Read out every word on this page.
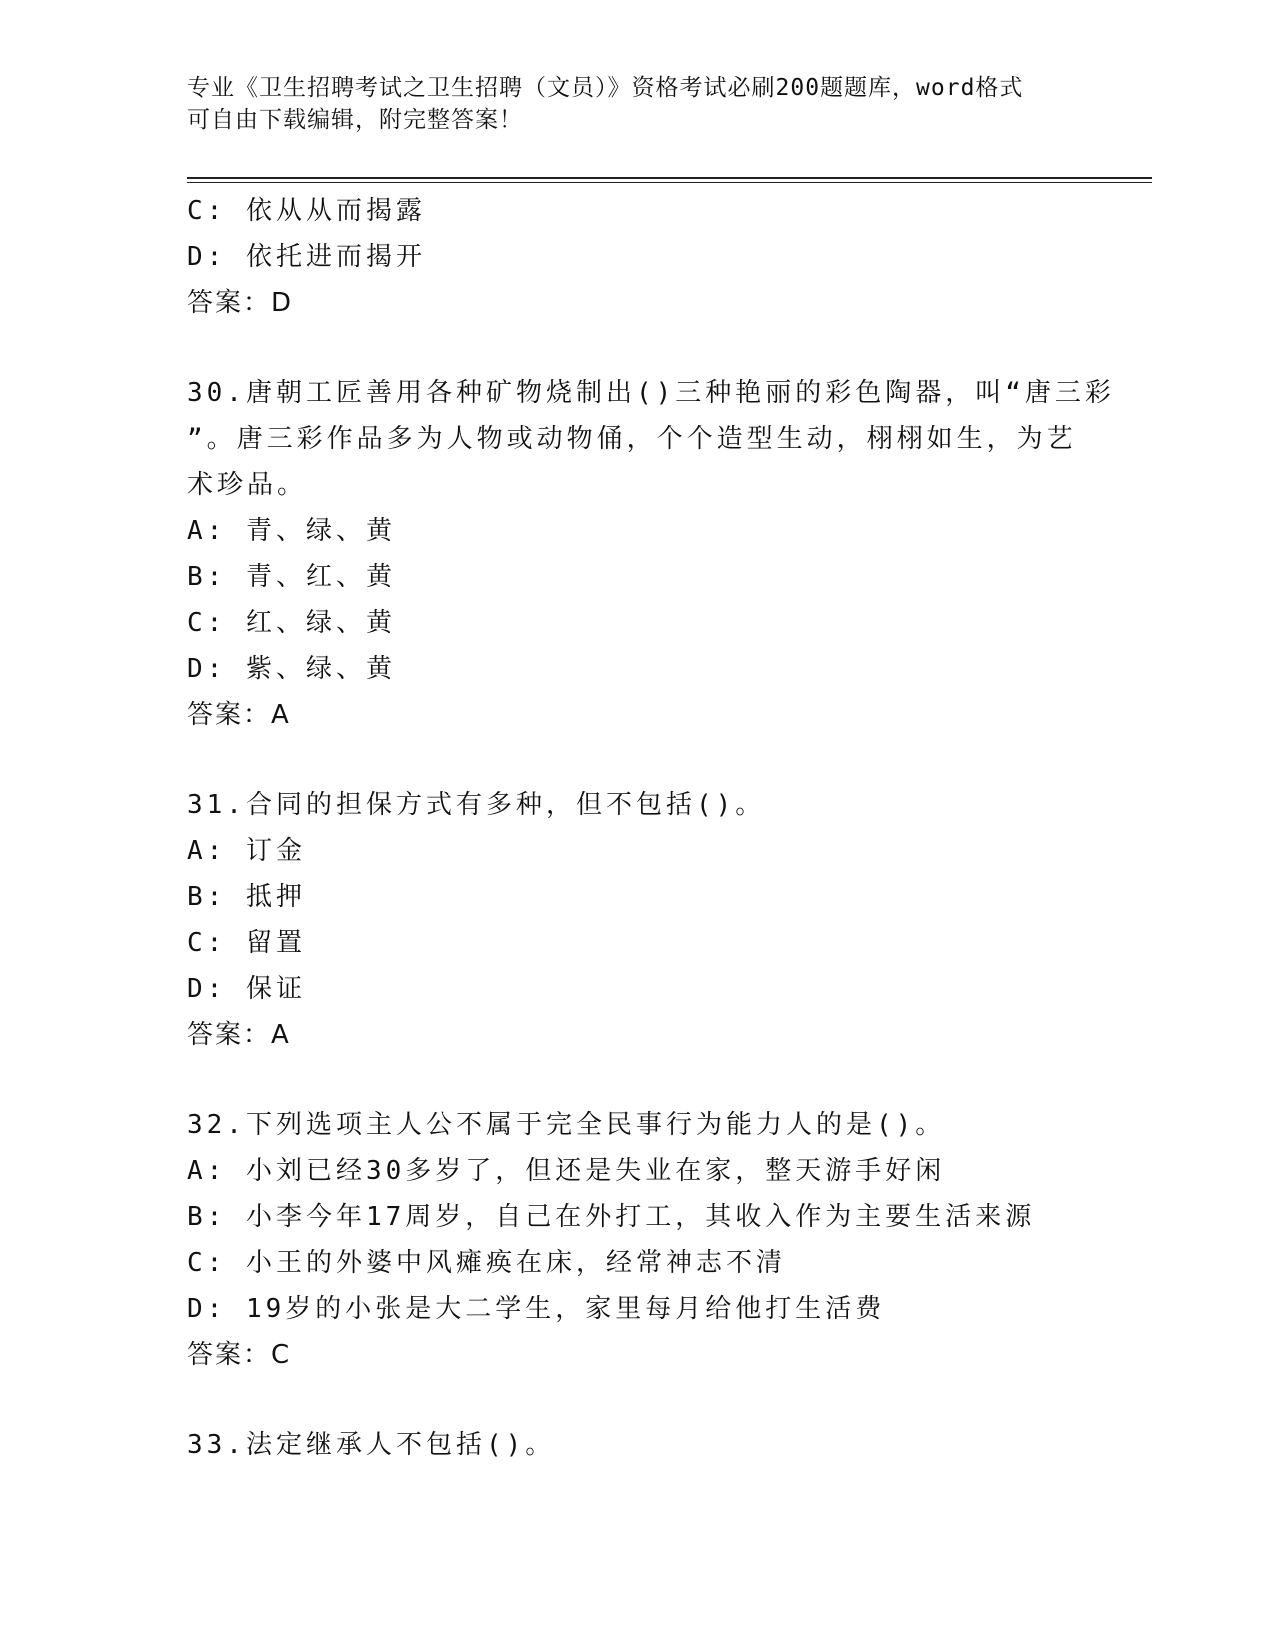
专业《卫生招聘考试之卫生招聘（文员）》资格考试必刷200题题库，word格式
可自由下载编辑，附完整答案！
C: 依从从而揭露
D: 依托进而揭开
答案：D
30.唐朝工匠善用各种矿物烧制出()三种艳丽的彩色陶器，叫“唐三彩
”。唐三彩作品多为人物或动物俑，个个造型生动，栩栩如生，为艺
术珍品。
A: 青、绿、黄
B: 青、红、黄
C: 红、绿、黄
D: 紫、绿、黄
答案：A
31.合同的担保方式有多种，但不包括()。
A: 订金
B: 抵押
C: 留置
D: 保证
答案：A
32.下列选项主人公不属于完全民事行为能力人的是()。
A: 小刘已经30多岁了，但还是失业在家，整天游手好闲
B: 小李今年17周岁，自己在外打工，其收入作为主要生活来源
C: 小王的外婆中风瘫痪在床，经常神志不清
D: 19岁的小张是大二学生，家里每月给他打生活费
答案：C
33.法定继承人不包括()。
